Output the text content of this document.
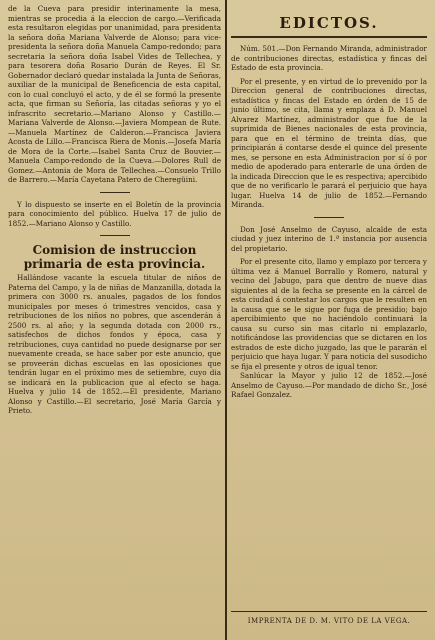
de la Cueva para presidir interinamente la mesa, mientras se procedia á la eleccion de cargo.—Verificada esta resultaron elegidas por unanimidad, para presidenta la señora doña Mariana Valverde de Alonso; para vice-presidenta la señora doña Manuela Campo-redondo; para secretaria la señora doña Isabel Vides de Tellechea, y para tesorera doña Rosario Durán de Reyes. El Sr. Gobernador declaró quedar instalada la Junta de Señoras, auxiliar de la municipal de Beneficencia de esta capital, con lo cual concluyó el acto, y de él se formó la presente acta, que firman su Señoría, las citadas señoras y yo el infrascrito secretario.—Mariano Alonso y Castillo.—Mariana Valverde de Alonso.—Javiera Mompean de Rute.—Manuela Martínez de Calderon.—Francisca Javiera Acosta de Lillo.—Francisca Riera de Monis.—Josefa María de Mora de la Corte.—Isabel Santa Cruz de Bouvier.—Manuela Campo-redondo de la Cueva.—Dolores Rull de Gomez.—Antonia de Mora de Tellechea.—Consuelo Trillo de Barrero.—María Cayetana Patero de Cheregüini.

Y lo dispuesto se inserte en el Boletín de la provincia para conocimiento del público. Huelva 17 de julio de 1852.—Mariano Alonso y Castillo.

Comision de instruccion primaria de esta provincia.

Hallándose vacante la escuela titular de niños de Paterna del Campo, y la de niñas de Manzanilla, dotada la primera con 3000 rs. anuales, pagados de los fondos municipales por meses ó trimestres vencidos, casa y retribuciones de los niños no pobres, que ascenderán á 2500 rs. al año; y la segunda dotada con 2000 rs., satisfechos de dichos fondos y época, casa y retribuciones, cuya cantidad no puede designarse por ser nuevamente creada, se hace saber por este anuncio, que se proveerán dichas escuelas en las oposiciones que tendrán lugar en el próximo mes de setiembre, cuyo dia se indicará en la publicacion que al efecto se haga. Huelva y julio 14 de 1852.—El presidente, Mariano Alonso y Castillo.—El secretario, José María García y Prieto.

EDICTOS.

Núm. 501.—Don Fernando Miranda, administrador de contribuciones directas, estadística y fincas del Estado de esta provincia.

Por el presente, y en virtud de lo prevenido por la Direccion general de contribuciones directas, estadística y fincas del Estado en órden de 15 de junio último, se cita, llama y emplaza á D. Manuel Alvarez Martínez, administrador que fue de la suprimida de Bienes nacionales de esta provincia, para que en el término de treinta días, que principiarán á contarse desde el quince del presente mes, se persone en esta Administracion por sí ó por medio de apoderado para enterarle de una órden de la indicada Direccion que le es respectiva; apercibido que de no verificarlo le parará el perjuicio que haya lugar. Huelva 14 de julio de 1852.—Fernando Miranda.

Don José Anselmo de Cayuso, alcalde de esta ciudad y juez interino de 1.ª instancia por ausencia del propietario.

Por el presente cito, llamo y emplazo por tercera y última vez á Manuel Borrallo y Romero, natural y vecino del Jabugo, para que dentro de nueve dias siguientes al de la fecha se presente en la cárcel de esta ciudad á contestar los cargos que le resulten en la causa que se le sigue por fuga de presidio; bajo apercibimiento que no haciéndolo continuará la causa su curso sin mas citarlo ni emplazarlo, notificándose las providencias que se dictaren en los estrados de este dicho juzgado, las que le pararán el perjuicio que haya lugar. Y para noticia del susodicho se fija el presente y otros de igual tenor.

Sanlúcar la Mayor y julio 12 de 1852.—José Anselmo de Cayuso.—Por mandado de dicho Sr., José Rafael Gonzalez.

IMPRENTA DE D. M. VITO DE LA VEGA.
